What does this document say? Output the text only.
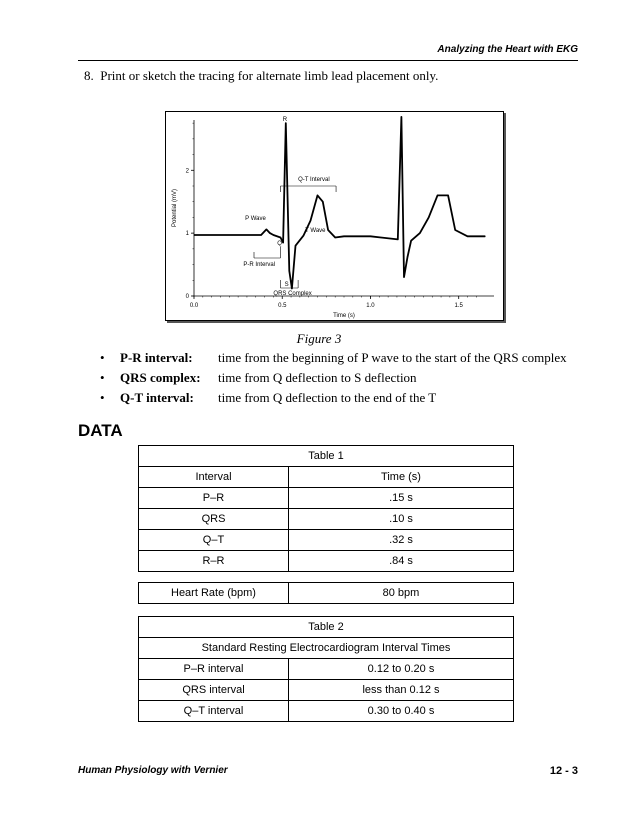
Analyzing the Heart with EKG
8.  Print or sketch the tracing for alternate limb lead placement only.
0
1
2
0.0	0.5	1.0	1.5
Potential (mV)
Time (s)
R
P Wave
T Wave
Q
Q-T Interval
P-R Interval
S
QRS Complex
Figure 3
• P-R interval: time from the beginning of P wave to the start of the QRS complex
• QRS complex: time from Q deflection to S deflection
• Q-T interval: time from Q deflection to the end of the T
DATA
Table 1	
Interval	Time (s)
P–R	.15 s
QRS	.10 s
Q–T	.32 s
R–R	.84 s
Heart Rate (bpm)	80 bpm
Table 2	
Standard Resting Electrocardiogram Interval Times	
P–R interval	0.12 to 0.20 s
QRS interval	less than 0.12 s
Q–T interval	0.30 to 0.40 s
Human Physiology with Vernier	12 - 3
